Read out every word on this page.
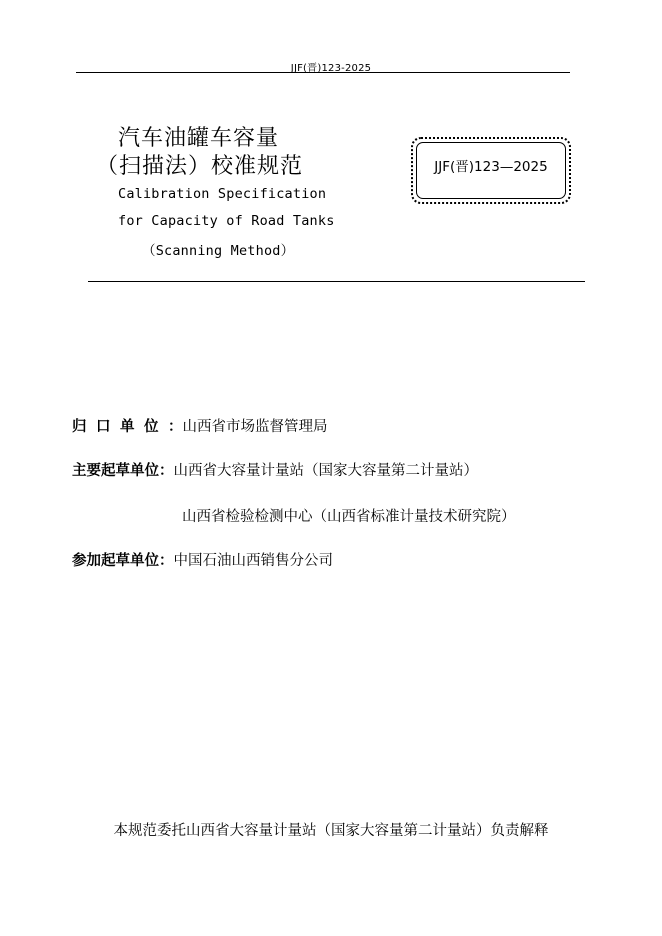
JJF(晋)123-2025
汽车油罐车容量
（扫描法）校准规范
Calibration Specification
for Capacity of Road Tanks
（Scanning Method）
JJF(晋)123—2025
归口单位：山西省市场监督管理局
主要起草单位：山西省大容量计量站（国家大容量第二计量站）
山西省检验检测中心（山西省标准计量技术研究院）
参加起草单位：中国石油山西销售分公司
本规范委托山西省大容量计量站（国家大容量第二计量站）负责解释
